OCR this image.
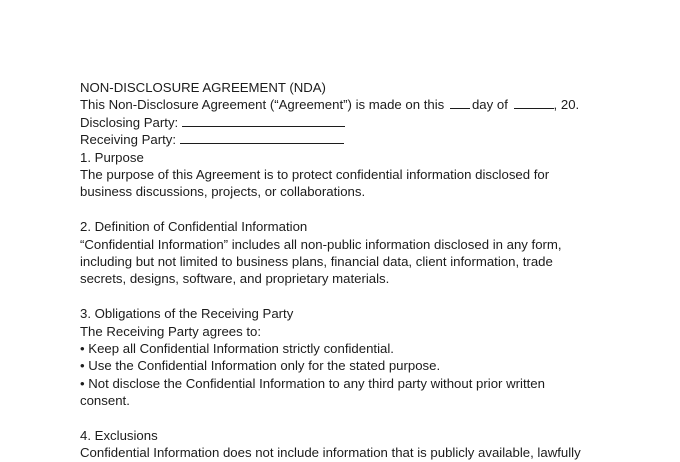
NON-DISCLOSURE AGREEMENT (NDA)
This Non-Disclosure Agreement (“Agreement”) is made on this day of	, 20.
Disclosing Party:
Receiving Party:
1. Purpose
The purpose of this Agreement is to protect confidential information disclosed for
business discussions, projects, or collaborations.
2. Definition of Confidential Information
“Confidential Information” includes all non-public information disclosed in any form,
including but not limited to business plans, financial data, client information, trade
secrets, designs, software, and proprietary materials.
3. Obligations of the Receiving Party
The Receiving Party agrees to:
• Keep all Confidential Information strictly confidential.
• Use the Confidential Information only for the stated purpose.
• Not disclose the Confidential Information to any third party without prior written
consent.
4. Exclusions
Confidential Information does not include information that is publicly available, lawfully
